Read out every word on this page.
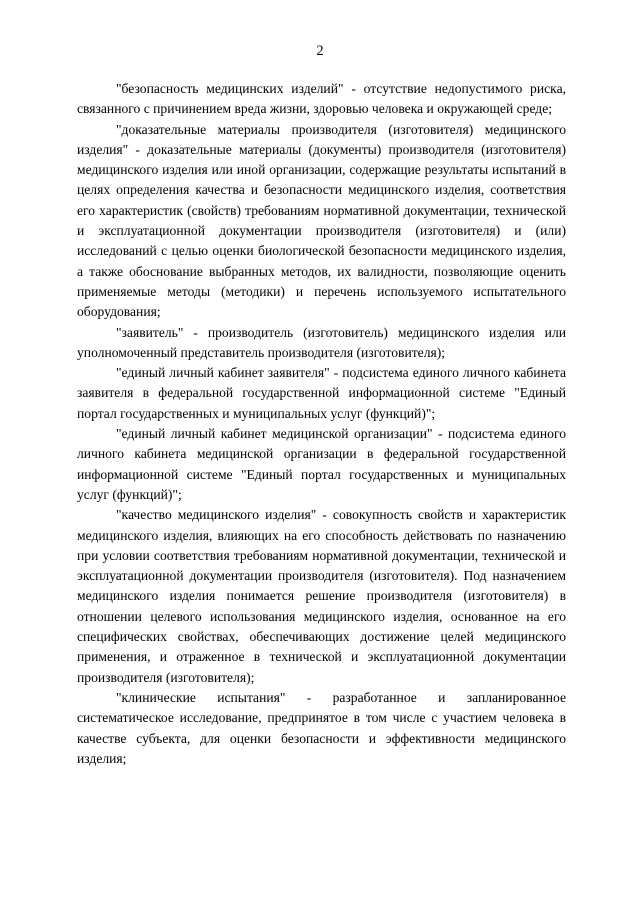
2

"безопасность медицинских изделий" - отсутствие недопустимого риска, связанного с причинением вреда жизни, здоровью человека и окружающей среде;

"доказательные материалы производителя (изготовителя) медицинского изделия" - доказательные материалы (документы) производителя (изготовителя) медицинского изделия или иной организации, содержащие результаты испытаний в целях определения качества и безопасности медицинского изделия, соответствия его характеристик (свойств) требованиям нормативной документации, технической и эксплуатационной документации производителя (изготовителя) и (или) исследований с целью оценки биологической безопасности медицинского изделия, а также обоснование выбранных методов, их валидности, позволяющие оценить применяемые методы (методики) и перечень используемого испытательного оборудования;

"заявитель" - производитель (изготовитель) медицинского изделия или уполномоченный представитель производителя (изготовителя);

"единый личный кабинет заявителя" - подсистема единого личного кабинета заявителя в федеральной государственной информационной системе "Единый портал государственных и муниципальных услуг (функций)";

"единый личный кабинет медицинской организации" - подсистема единого личного кабинета медицинской организации в федеральной государственной информационной системе "Единый портал государственных и муниципальных услуг (функций)";

"качество медицинского изделия" - совокупность свойств и характеристик медицинского изделия, влияющих на его способность действовать по назначению при условии соответствия требованиям нормативной документации, технической и эксплуатационной документации производителя (изготовителя). Под назначением медицинского изделия понимается решение производителя (изготовителя) в отношении целевого использования медицинского изделия, основанное на его специфических свойствах, обеспечивающих достижение целей медицинского применения, и отраженное в технической и эксплуатационной документации производителя (изготовителя);

"клинические испытания" - разработанное и запланированное систематическое исследование, предпринятое в том числе с участием человека в качестве субъекта, для оценки безопасности и эффективности медицинского изделия;
